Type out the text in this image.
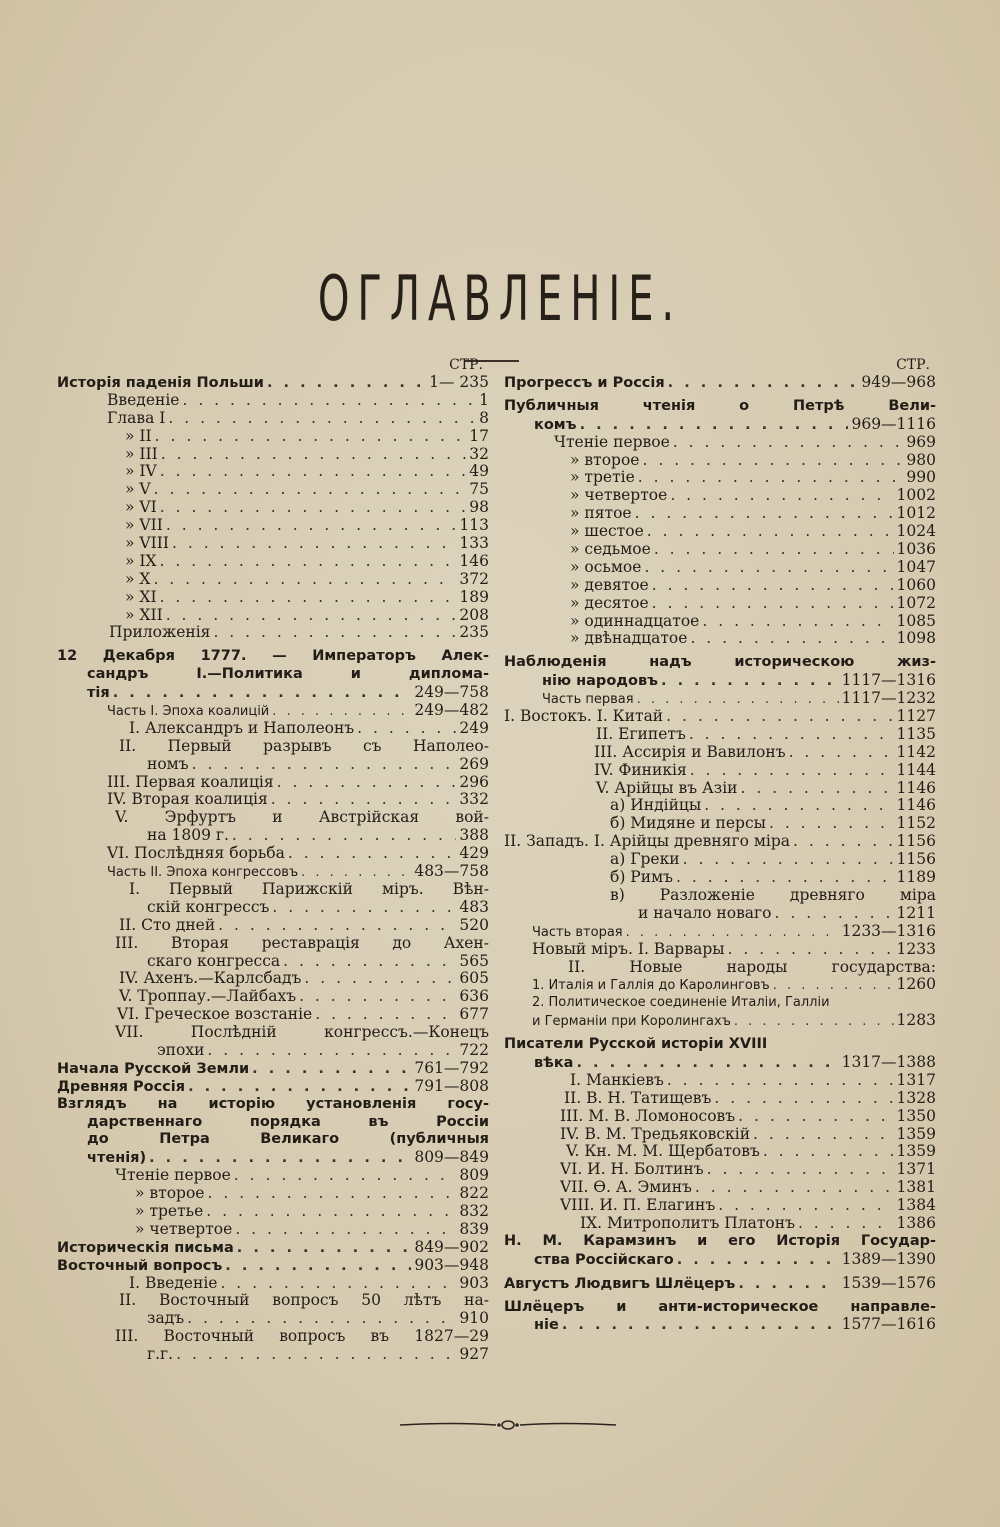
ОГЛАВЛЕНІЕ.
СТР.
Исторія паденія Польши . . .	1— 235
Введеніе . . .	1
Глава I . . .	8
» II . . .	17
» III . . .	32
» IV . . .	49
» V . . .	75
» VI . . .	98
» VII . . .	113
» VIII . . .	133
» IX . . .	146
» X . . .	372
» XI . . .	189
» XII . . .	208
Приложенія . . .	235
12 Декабря 1777. — Императоръ Алек-
сандръ I.—Политика и диплома-
тія . . .	249—758
Часть I. Эпоха коалицій . . .	249—482
I. Александръ и Наполеонъ . . .	249
II. Первый разрывъ съ Наполео-
номъ . . .	269
III. Первая коалиція . . .	296
IV. Вторая коалиція . . .	332
V. Эрфуртъ и Австрійская вой-
на 1809 г. . . .	388
VI. Послѣдняя борьба . . .	429
Часть II. Эпоха конгрессовъ . . .	483—758
I. Первый Парижскій міръ. Вѣн-
скій конгрессъ . . .	483
II. Сто дней . . .	520
III. Вторая реставрація до Ахен-
скаго конгресса . . .	565
IV. Ахенъ.—Карлсбадъ . . .	605
V. Троппау.—Лайбахъ . . .	636
VI. Греческое возстаніе . . .	677
VII. Послѣдній конгрессъ.—Конецъ
эпохи . . .	722
Начала Русской Земли . . .	761—792
Древняя Россія . . .	791—808
Взглядъ на исторію установленія госу-
дарственнаго порядка въ Россіи
до Петра Великаго (публичныя
чтенія) . . .	809—849
Чтеніе первое . . .	809
» второе . . .	822
» третье . . .	832
» четвертое . . .	839
Историческія письма . . .	849—902
Восточный вопросъ . . .	903—948
I. Введеніе . . .	903
II. Восточный вопросъ 50 лѣтъ на-
задъ . . .	910
III. Восточный вопросъ въ 1827—29
г.г. . . .	927
СТР.
Прогрессъ и Россія . . .	949—968
Публичныя чтенія о Петрѣ Вели-
комъ . . .	969—1116
Чтеніе первое . . .	969
» второе . . .	980
» третіе . . .	990
» четвертое . . .	1002
» пятое . . .	1012
» шестое . . .	1024
» седьмое . . .	1036
» осьмое . . .	1047
» девятое . . .	1060
» десятое . . .	1072
» одиннадцатое . . .	1085
» двѣнадцатое . . .	1098
Наблюденія надъ историческою жиз-
нію народовъ . . .	1117—1316
Часть первая . . .	1117—1232
I. Востокъ. I. Китай . . .	1127
II. Египетъ . . .	1135
III. Ассирія и Вавилонъ . . .	1142
IV. Финикія . . .	1144
V. Арійцы въ Азіи . . .	1146
а) Индійцы . . .	1146
б) Мидяне и персы . . .	1152
II. Западъ. I. Арійцы древняго міра . . .	1156
а) Греки . . .	1156
б) Римъ . . .	1189
в) Разложеніе древняго міра
и начало новаго . . .	1211
Часть вторая . . .	1233—1316
Новый міръ. I. Варвары . . .	1233
II. Новые народы государства:
1. Италія и Галлія до Каролинговъ . . .	1260
2. Политическое соединеніе Италіи, Галліи
и Германіи при Королингахъ . . .	1283
Писатели Русской исторіи XVIII
вѣка . . .	1317—1388
I. Манкіевъ . . .	1317
II. В. Н. Татищевъ . . .	1328
III. М. В. Ломоносовъ . . .	1350
IV. В. М. Тредьяковскій . . .	1359
V. Кн. М. М. Щербатовъ . . .	1359
VI. И. Н. Болтинъ . . .	1371
VII. Ѳ. А. Эминъ . . .	1381
VIII. И. П. Елагинъ . . .	1384
IX. Митрополитъ Платонъ . . .	1386
Н. М. Карамзинъ и его Исторія Государ-
ства Россійскаго . . .	1389—1390
Августъ Людвигъ Шлёцеръ . . .	1539—1576
Шлёцеръ и анти-историческое направле-
ніе . . .	1577—1616
